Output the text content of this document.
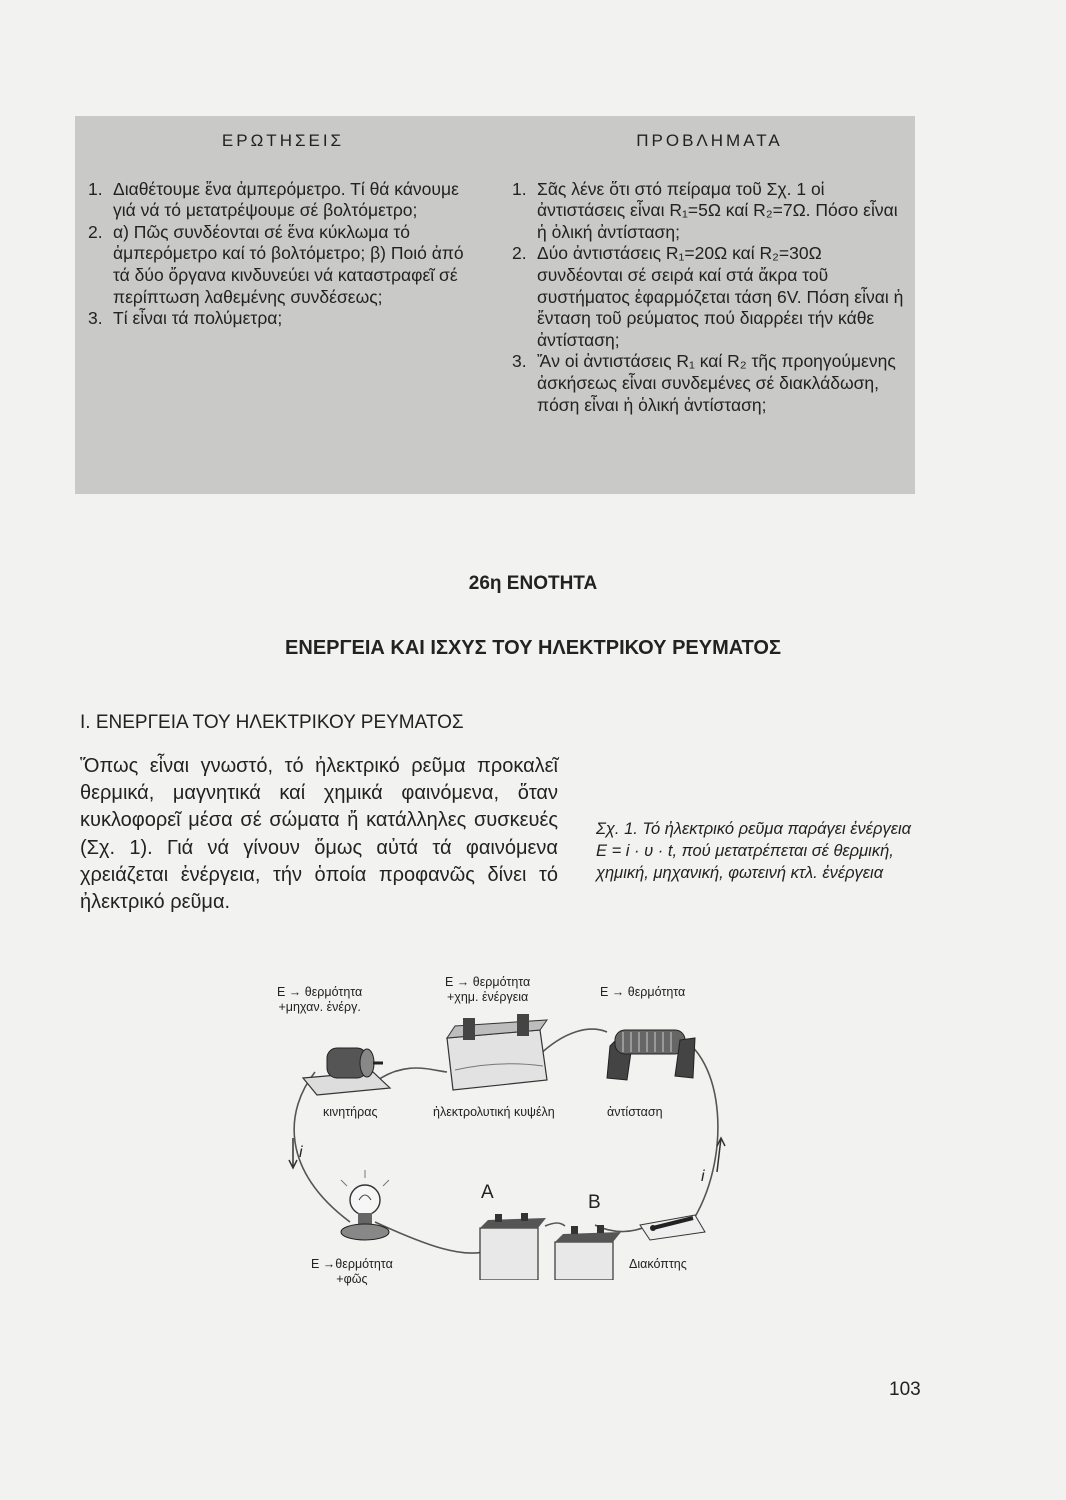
ΕΡΩΤΗΣΕΙΣ
1. Διαθέτουμε ἕνα ἀμπερόμετρο. Τί θά κάνουμε γιά νά τό μετατρέψουμε σέ βολτόμετρο;
2. α) Πῶς συνδέονται σέ ἕνα κύκλωμα τό ἀμπερόμετρο καί τό βολτόμετρο; β) Ποιό ἀπό τά δύο ὄργανα κινδυνεύει νά καταστραφεῖ σέ περίπτωση λαθεμένης συνδέσεως;
3. Τί εἶναι τά πολύμετρα;
ΠΡΟΒΛΗΜΑΤΑ
1. Σᾶς λένε ὅτι στό πείραμα τοῦ Σχ. 1 οἱ ἀντιστάσεις εἶναι R₁=5Ω καί R₂=7Ω. Πόσο εἶναι ἡ ὁλική ἀντίσταση;
2. Δύο ἀντιστάσεις R₁=20Ω καί R₂=30Ω συνδέονται σέ σειρά καί στά ἄκρα τοῦ συστήματος ἐφαρμόζεται τάση 6V. Πόση εἶναι ἡ ἔνταση τοῦ ρεύματος πού διαρρέει τήν κάθε ἀντίσταση;
3. Ἄν οἱ ἀντιστάσεις R₁ καί R₂ τῆς προηγούμενης ἀσκήσεως εἶναι συνδεμένες σέ διακλάδωση, πόση εἶναι ἡ ὁλική ἀντίσταση;
26η ΕΝΟΤΗΤΑ
ΕΝΕΡΓΕΙΑ ΚΑΙ ΙΣΧΥΣ ΤΟΥ ΗΛΕΚΤΡΙΚΟΥ ΡΕΥΜΑΤΟΣ
Ι. ΕΝΕΡΓΕΙΑ ΤΟΥ ΗΛΕΚΤΡΙΚΟΥ ΡΕΥΜΑΤΟΣ
Ὅπως εἶναι γνωστό, τό ἠλεκτρικό ρεῦμα προκαλεῖ θερμικά, μαγνητικά καί χημικά φαινόμενα, ὅταν κυκλοφορεῖ μέσα σέ σώματα ἤ κατάλληλες συσκευές (Σχ. 1). Γιά νά γίνουν ὅμως αὐτά τά φαινόμενα χρειάζεται ἐνέργεια, τήν ὁποία προφανῶς δίνει τό ἠλεκτρικό ρεῦμα.
Σχ. 1. Τό ἠλεκτρικό ρεῦμα παράγει ἐνέργεια E = i · υ · t, πού μετατρέπεται σέ θερμική, χημική, μηχανική, φωτεινή κτλ. ἐνέργεια
Ε → θερμότητα
+μηχαν. ἐνέργ.
Ε → θερμότητα
+χημ. ἐνέργεια	Ε → θερμότητα
κινητήρας	ἠλεκτρολυτική κυψέλη	ἀντίσταση
i
i
A	B
Ε →θερμότητα
+φῶς
Διακόπτης
103
